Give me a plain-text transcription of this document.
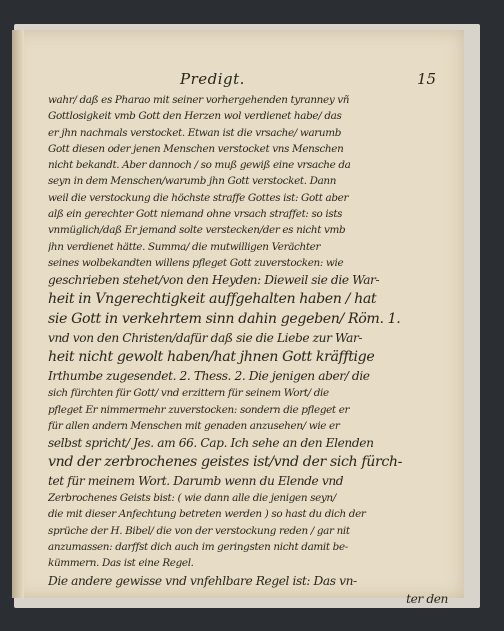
Predigt.	15
wahr/ daß es Pharao mit seiner vorhergehenden tyranney vñ
Gottlosigkeit vmb Gott den Herzen wol verdienet habe/ das
er jhn nachmals verstocket. Etwan ist die vrsache/ warumb
Gott diesen oder jenen Menschen verstocket vns Menschen
nicht bekandt. Aber dannoch / so muß gewiß eine vrsache da
seyn in dem Menschen/warumb jhn Gott verstocket. Dann
weil die verstockung die höchste straffe Gottes ist: Gott aber
alß ein gerechter Gott niemand ohne vrsach straffet: so ists
vnmüglich/daß Er jemand solte verstecken/der es nicht vmb
jhn verdienet hätte. Summa/ die mutwilligen Verächter
seines wolbekandten willens pfleget Gott zuverstocken: wie
geschrieben stehet/von den Heyden: Dieweil sie die War-
heit in Vngerechtigkeit auffgehalten haben / hat
sie Gott in verkehrtem sinn dahin gegeben/ Röm. 1.
vnd von den Christen/dafür daß sie die Liebe zur War-
heit nicht gewolt haben/hat jhnen Gott kräfftige
Irthumbe zugesendet. 2. Thess. 2. Die jenigen aber/ die
sich fürchten für Gott/ vnd erzittern für seinem Wort/ die
pfleget Er nimmermehr zuverstocken: sondern die pfleget er
für allen andern Menschen mit genaden anzusehen/ wie er
selbst spricht/ Jes. am 66. Cap. Ich sehe an den Elenden
vnd der zerbrochenes geistes ist/vnd der sich fürch-
tet für meinem Wort. Darumb wenn du Elende vnd
Zerbrochenes Geists bist: ( wie dann alle die jenigen seyn/
die mit dieser Anfechtung betreten werden ) so hast du dich der
sprüche der H. Bibel/ die von der verstockung reden / gar nit
anzumassen: darffst dich auch im geringsten nicht damit be-
kümmern. Das ist eine Regel.
Die andere gewisse vnd vnfehlbare Regel ist: Das vn-
ter den
